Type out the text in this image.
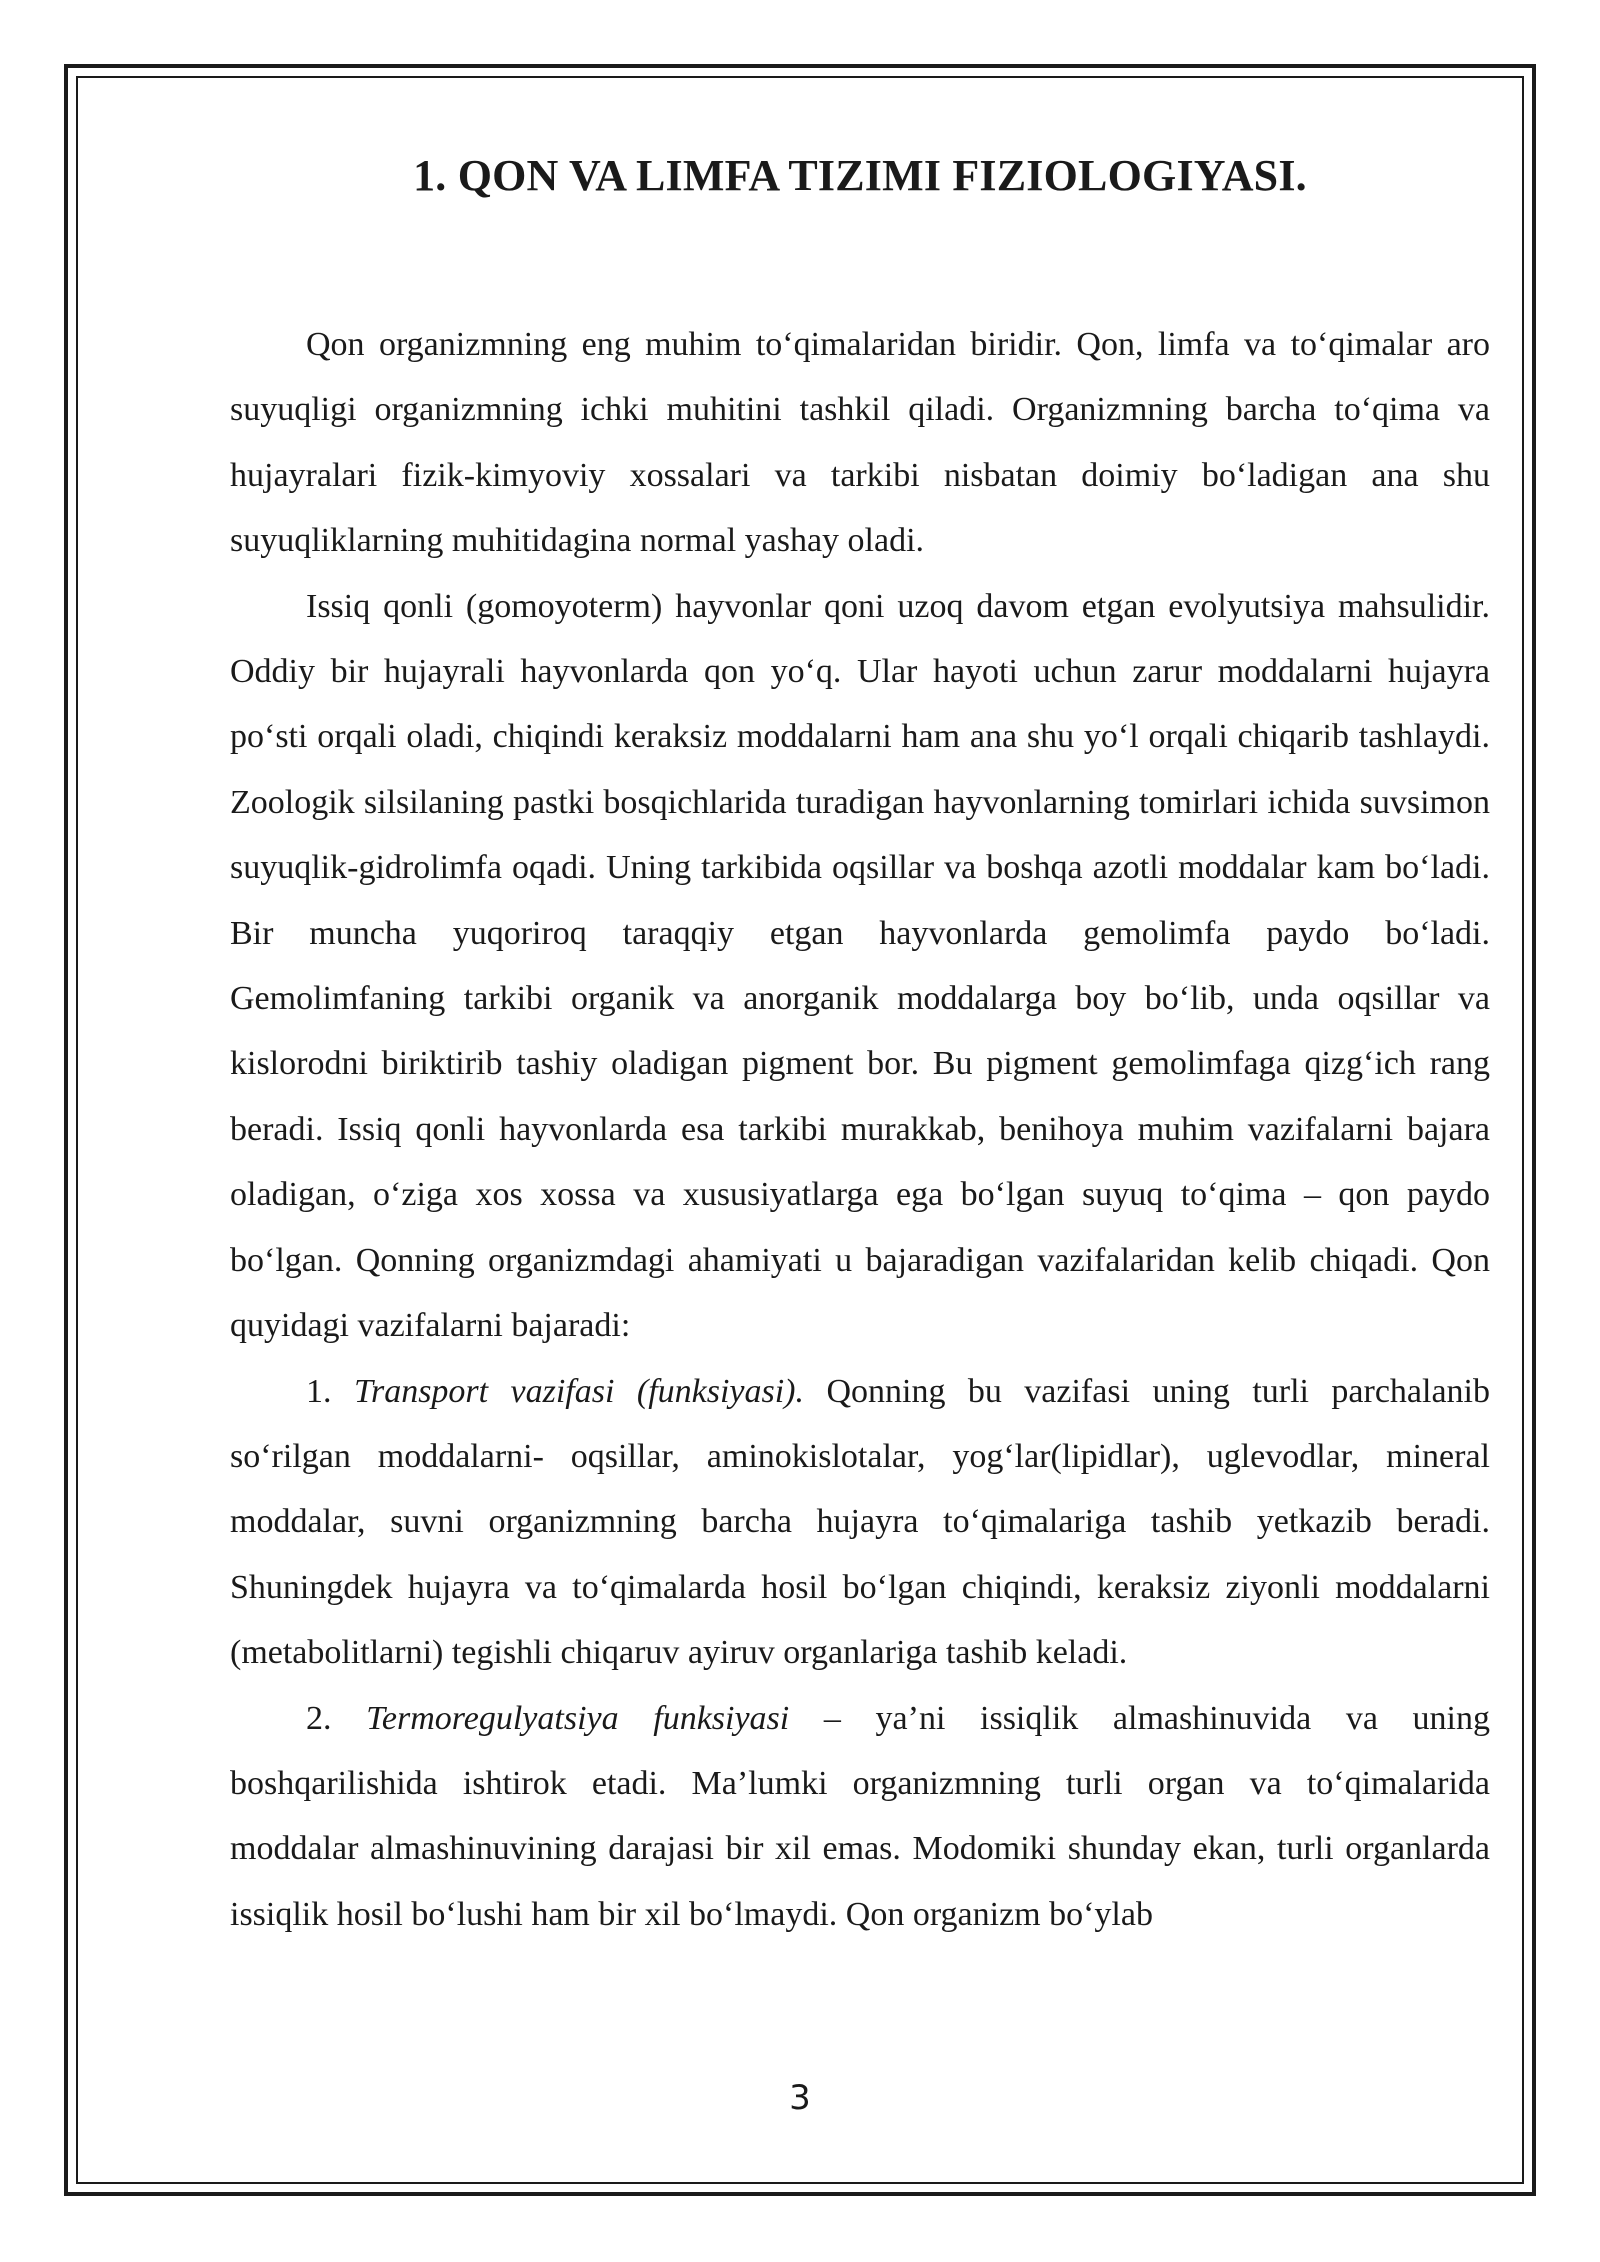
1. QON VA LIMFA TIZIMI FIZIOLOGIYASI.

Qon organizmning eng muhim to‘qimalaridan biridir. Qon, limfa va to‘qimalar aro suyuqligi organizmning ichki muhitini tashkil qiladi. Organizmning barcha to‘qima va hujayralari fizik-kimyoviy xossalari va tarkibi nisbatan doimiy bo‘ladigan ana shu suyuqliklarning muhitidagina normal yashay oladi.

Issiq qonli (gomoyoterm) hayvonlar qoni uzoq davom etgan evolyutsiya mahsulidir. Oddiy bir hujayrali hayvonlarda qon yo‘q. Ular hayoti uchun zarur moddalarni hujayra po‘sti orqali oladi, chiqindi keraksiz moddalarni ham ana shu yo‘l orqali chiqarib tashlaydi. Zoologik silsilaning pastki bosqichlarida turadigan hayvonlarning tomirlari ichida suvsimon suyuqlik-gidrolimfa oqadi. Uning tarkibida oqsillar va boshqa azotli moddalar kam bo‘ladi. Bir muncha yuqoriroq taraqqiy etgan hayvonlarda gemolimfa paydo bo‘ladi. Gemolimfaning tarkibi organik va anorganik moddalarga boy bo‘lib, unda oqsillar va kislorodni biriktirib tashiy oladigan pigment bor. Bu pigment gemolimfaga qizg‘ich rang beradi. Issiq qonli hayvonlarda esa tarkibi murakkab, benihoya muhim vazifalarni bajara oladigan, o‘ziga xos xossa va xususiyatlarga ega bo‘lgan suyuq to‘qima – qon paydo bo‘lgan. Qonning organizmdagi ahamiyati u bajaradigan vazifalaridan kelib chiqadi. Qon quyidagi vazifalarni bajaradi:

1. Transport vazifasi (funksiyasi). Qonning bu vazifasi uning turli parchalanib so‘rilgan moddalarni- oqsillar, aminokislotalar, yog‘lar(lipidlar), uglevodlar, mineral moddalar, suvni organizmning barcha hujayra to‘qimalariga tashib yetkazib beradi. Shuningdek hujayra va to‘qimalarda hosil bo‘lgan chiqindi, keraksiz ziyonli moddalarni (metabolitlarni) tegishli chiqaruv ayiruv organlariga tashib keladi.

2. Termoregulyatsiya funksiyasi – ya’ni issiqlik almashinuvida va uning boshqarilishida ishtirok etadi. Ma’lumki organizmning turli organ va to‘qimalarida moddalar almashinuvining darajasi bir xil emas. Modomiki shunday ekan, turli organlarda issiqlik hosil bo‘lushi ham bir xil bo‘lmaydi. Qon organizm bo‘ylab

3
